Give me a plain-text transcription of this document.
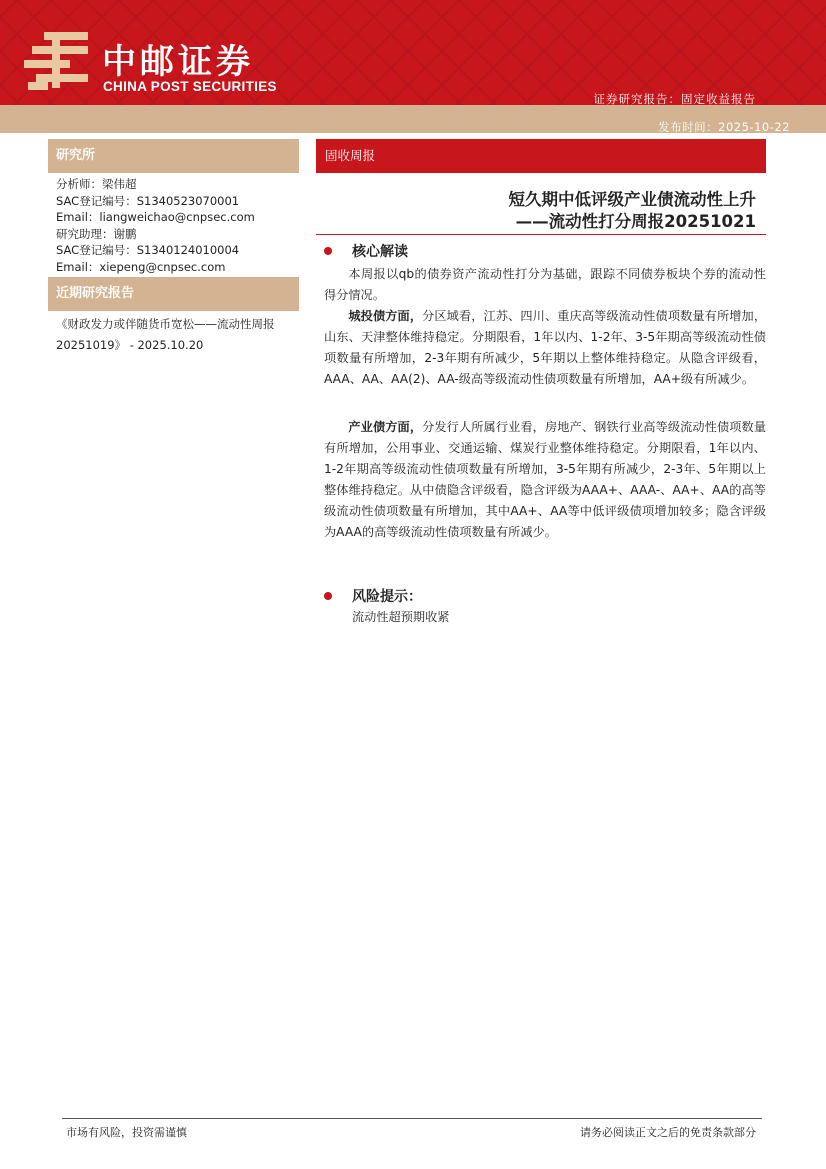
中邮证券
CHINA POST SECURITIES
证券研究报告：固定收益报告
发布时间：2025-10-22
研究所
分析师：梁伟超
SAC登记编号：S1340523070001
Email：liangweichao@cnpsec.com
研究助理：谢鹏
SAC登记编号：S1340124010004
Email：xiepeng@cnpsec.com
近期研究报告
《财政发力或伴随货币宽松——流动性周报20251019》 - 2025.10.20
固收周报
短久期中低评级产业债流动性上升
——流动性打分周报20251021
核心解读
本周报以qb的债券资产流动性打分为基础，跟踪不同债券板块个券的流动性得分情况。
城投债方面，分区域看，江苏、四川、重庆高等级流动性债项数量有所增加，山东、天津整体维持稳定。分期限看，1年以内、1-2年、3-5年期高等级流动性债项数量有所增加，2-3年期有所减少，5年期以上整体维持稳定。从隐含评级看，AAA、AA、AA(2)、AA-级高等级流动性债项数量有所增加，AA+级有所减少。
产业债方面，分发行人所属行业看，房地产、钢铁行业高等级流动性债项数量有所增加，公用事业、交通运输、煤炭行业整体维持稳定。分期限看，1年以内、1-2年期高等级流动性债项数量有所增加，3-5年期有所减少，2-3年、5年期以上整体维持稳定。从中债隐含评级看，隐含评级为AAA+、AAA-、AA+、AA的高等级流动性债项数量有所增加，其中AA+、AA等中低评级债项增加较多；隐含评级为AAA的高等级流动性债项数量有所减少。
风险提示：
流动性超预期收紧
市场有风险，投资需谨慎	请务必阅读正文之后的免责条款部分
